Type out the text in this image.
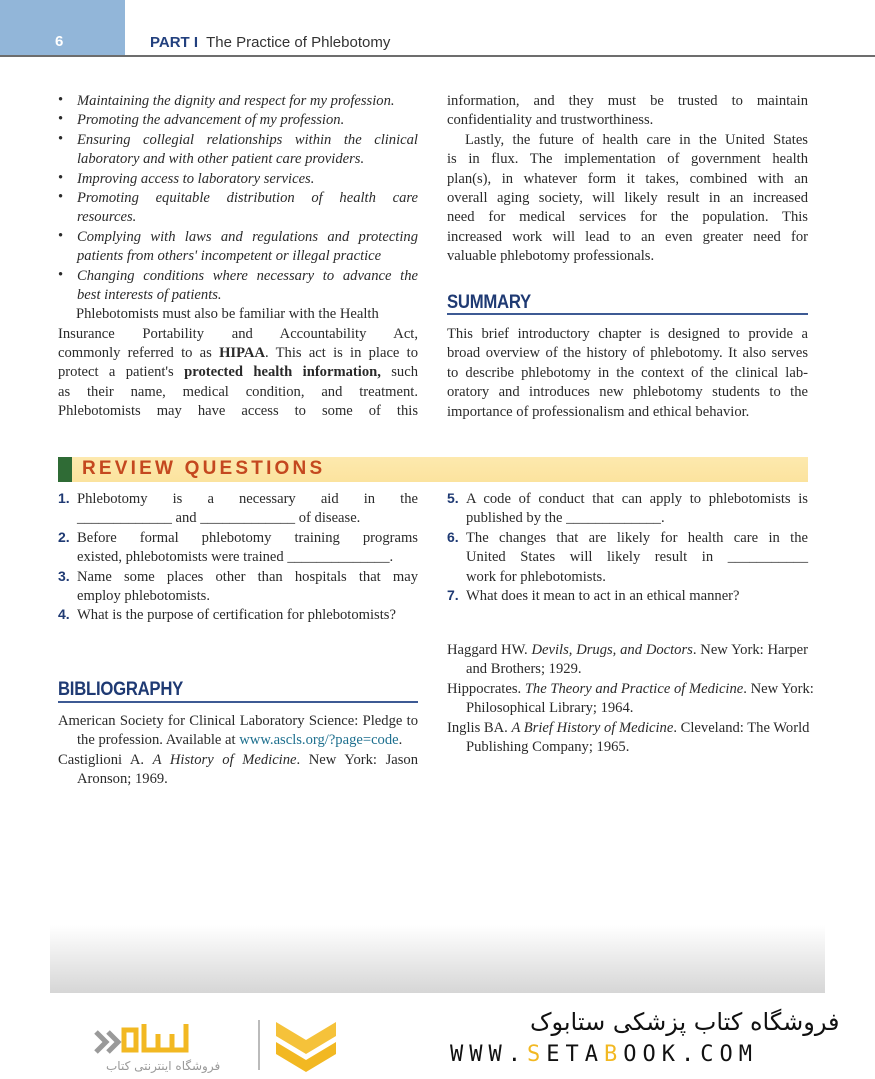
6	PART I The Practice of Phlebotomy
• Maintaining the dignity and respect for my profession.
• Promoting the advancement of my profession.
• Ensuring collegial relationships within the clinical
laboratory and with other patient care providers.
• Improving access to laboratory services.
• Promoting equitable distribution of health care
resources.
• Complying with laws and regulations and protecting
patients from others' incompetent or illegal practice
• Changing conditions where necessary to advance the
best interests of patients.
Phlebotomists must also be familiar with the Health
Insurance Portability and Accountability Act,
commonly referred to as HIPAA. This act is in place to
protect a patient's protected health information, such
as their name, medical condition, and treatment.
Phlebotomists may have access to some of this
information, and they must be trusted to maintain
confidentiality and trustworthiness.
Lastly, the future of health care in the United States
is in flux. The implementation of government health
plan(s), in whatever form it takes, combined with an
overall aging society, will likely result in an increased
need for medical services for the population. This
increased work will lead to an even greater need for
valuable phlebotomy professionals.
SUMMARY
This brief introductory chapter is designed to provide a
broad overview of the history of phlebotomy. It also serves
to describe phlebotomy in the context of the clinical lab-
oratory and introduces new phlebotomy students to the
importance of professionalism and ethical behavior.
REVIEW QUESTIONS
1. Phlebotomy is a necessary aid in the
_____________ and _____________ of disease.
2. Before formal phlebotomy training programs
existed, phlebotomists were trained ______________.
3. Name some places other than hospitals that may
employ phlebotomists.
4. What is the purpose of certification for phlebotomists?
5. A code of conduct that can apply to phlebotomists is
published by the _____________.
6. The changes that are likely for health care in the
United States will likely result in ___________
work for phlebotomists.
7. What does it mean to act in an ethical manner?
BIBLIOGRAPHY
American Society for Clinical Laboratory Science: Pledge to
the profession. Available at www.ascls.org/?page=code.
Castiglioni A. A History of Medicine. New York: Jason
Aronson; 1969.
Haggard HW. Devils, Drugs, and Doctors. New York: Harper
and Brothers; 1929.
Hippocrates. The Theory and Practice of Medicine. New York:
Philosophical Library; 1964.
Inglis BA. A Brief History of Medicine. Cleveland: The World
Publishing Company; 1965.
فروشگاه اینترنتی کتاب
فروشگاه کتاب پزشکی ستابوک
WWW.SETABOOK.COM
